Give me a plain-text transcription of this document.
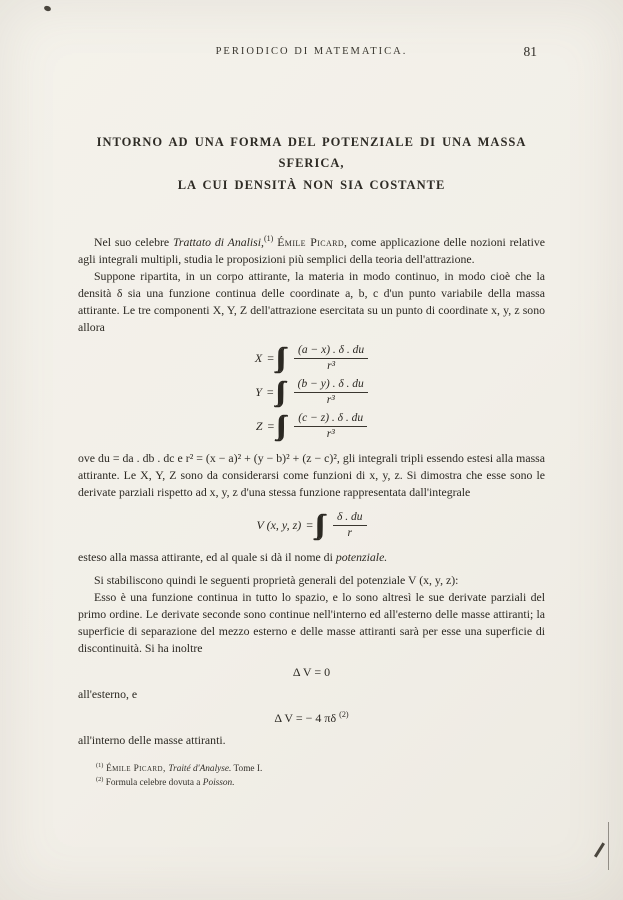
PERIODICO DI MATEMATICA.	81
INTORNO AD UNA FORMA DEL POTENZIALE DI UNA MASSA SFERICA,
LA CUI DENSITÀ NON SIA COSTANTE

Nel suo celebre Trattato di Analisi,$^{(1)}$ Émile Picard, come applicazione delle nozioni relative agli integrali multipli, studia le proposizioni più semplici della teoria dell'attrazione.

Suppone ripartita, in un corpo attirante, la materia in modo continuo, in modo cioè che la densità δ sia una funzione continua delle coordinate a, b, c d'un punto variabile della massa attirante. Le tre componenti X, Y, Z dell'attrazione esercitata su un punto di coordinate x, y, z sono allora

$X = \frac{(a - x) . \delta . du}{\text{r³}}$
$Y = \frac{(b - y) . \delta . du}{\text{r³}}$
$Z = \frac{(c - z) . \delta . du}{\text{r³}}$

ove du = da . db . dc e r² = (x − a)² + (y − b)² + (z − c)², gli integrali tripli essendo estesi alla massa attirante. Le X, Y, Z sono da considerarsi come funzioni di x, y, z. Si dimostra che esse sono le derivate parziali rispetto ad x, y, z d'una stessa funzione rappresentata dall'integrale

V (x, y, $z) = \frac{\delta . du}{r}$

esteso alla massa attirante, ed al quale si dà il nome di potenziale.

Si stabiliscono quindi le seguenti proprietà generali del potenziale V (x, y, z):

Esso è una funzione continua in tutto lo spazio, e lo sono altresì le sue derivate parziali del primo ordine. Le derivate seconde sono continue nell'interno ed all'esterno delle masse attiranti; la superficie di separazione del mezzo esterno e delle masse attiranti sarà per esse una superficie di discontinuità. Si ha inoltre

Δ V = 0

all'esterno, e

Δ V = − 4 πδ $^{(2)}$

all'interno delle masse attiranti.

$^{(1)}$ Émile Picard, Traité d'Analyse. Tome I.

$^{(2)}$ Formula celebre dovuta a Poisson.
